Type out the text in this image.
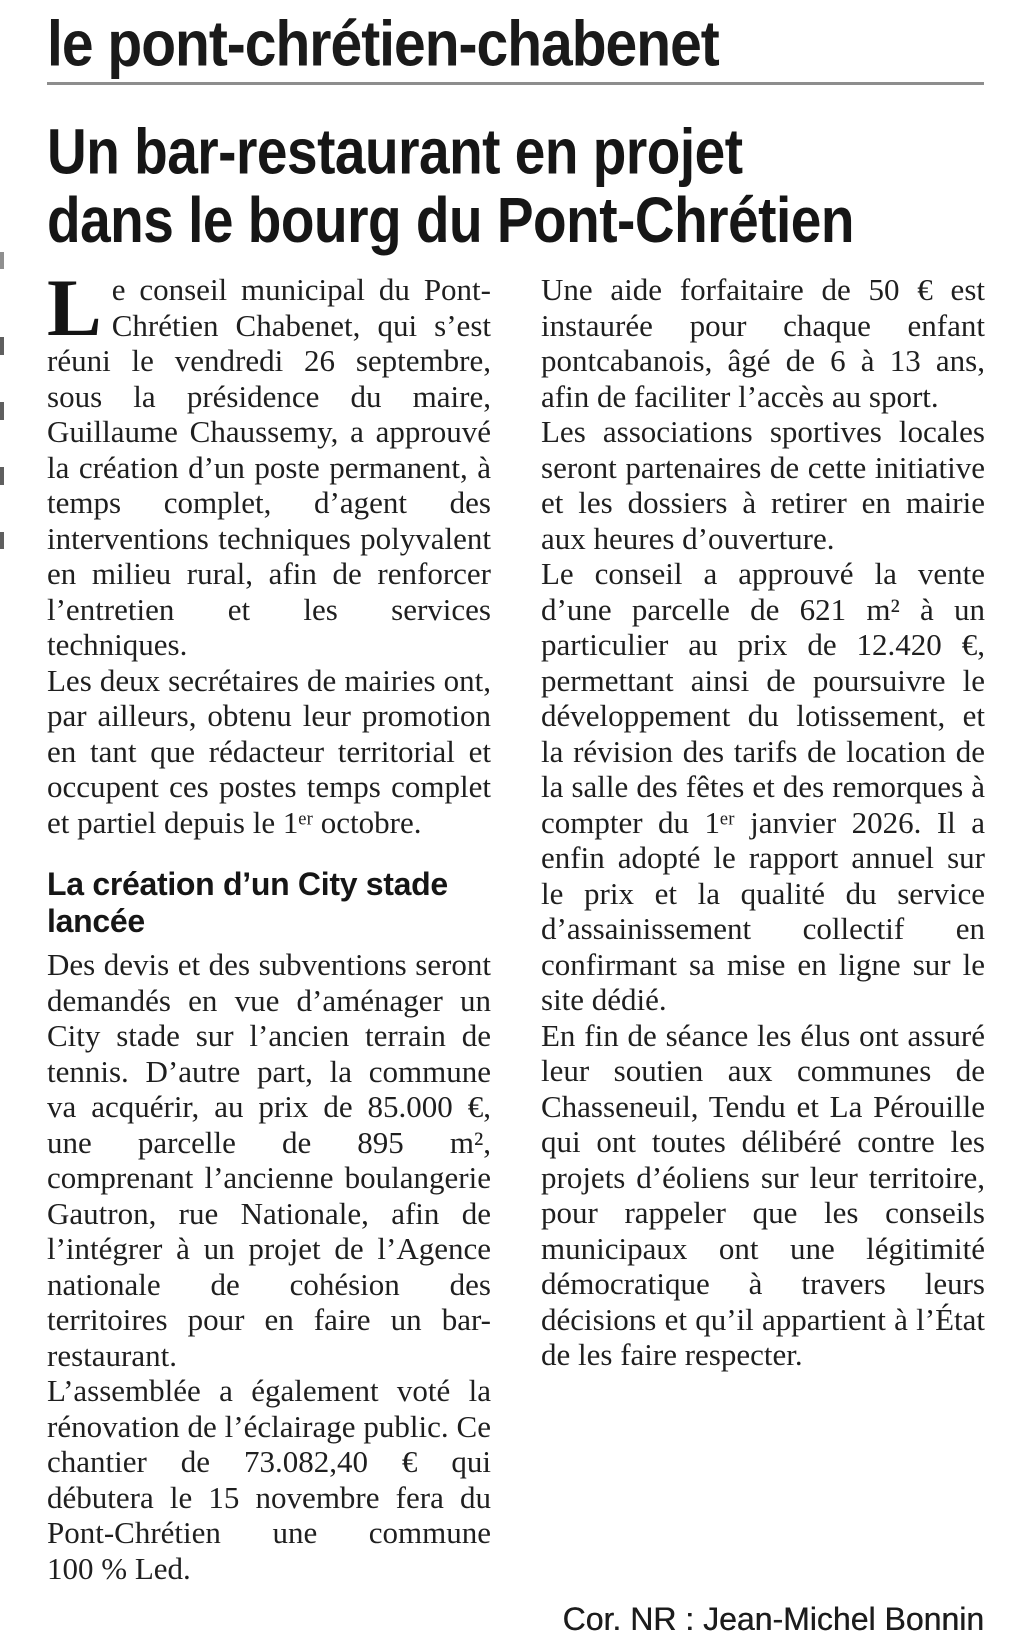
le pont-chrétien-chabenet
Un bar-restaurant en projet
dans le bourg du Pont-Chrétien

Le conseil municipal du Pont-Chrétien Chabenet, qui s’est réuni le vendredi 26 septembre, sous la présidence du maire, Guillaume Chaussemy, a approuvé la création d’un poste permanent, à temps complet, d’agent des interventions techniques polyvalent en milieu rural, afin de renforcer l’entretien et les services techniques.

Les deux secrétaires de mairies ont, par ailleurs, obtenu leur promotion en tant que rédacteur territorial et occupent ces postes temps complet et partiel depuis le 1ᵉʳ octobre.

La création d’un City stade lancée

Des devis et des subventions seront demandés en vue d’aménager un City stade sur l’ancien terrain de tennis. D’autre part, la commune va acquérir, au prix de 85.000 €, une parcelle de 895 m², comprenant l’ancienne boulangerie Gautron, rue Nationale, afin de l’intégrer à un projet de l’Agence nationale de cohésion des territoires pour en faire un bar-restaurant.

L’assemblée a également voté la rénovation de l’éclairage public. Ce chantier de 73.082,40 € qui débutera le 15 novembre fera du Pont-Chrétien une commune 100 % Led.

Une aide forfaitaire de 50 € est instaurée pour chaque enfant pontcabanois, âgé de 6 à 13 ans, afin de faciliter l’accès au sport.

Les associations sportives locales seront partenaires de cette initiative et les dossiers à retirer en mairie aux heures d’ouverture.

Le conseil a approuvé la vente d’une parcelle de 621 m² à un particulier au prix de 12.420 €, permettant ainsi de poursuivre le développement du lotissement, et la révision des tarifs de location de la salle des fêtes et des remorques à compter du 1ᵉʳ janvier 2026. Il a enfin adopté le rapport annuel sur le prix et la qualité du service d’assainissement collectif en confirmant sa mise en ligne sur le site dédié.

En fin de séance les élus ont assuré leur soutien aux communes de Chasseneuil, Tendu et La Pérouille qui ont toutes délibéré contre les projets d’éoliens sur leur territoire, pour rappeler que les conseils municipaux ont une légitimité démocratique à travers leurs décisions et qu’il appartient à l’État de les faire respecter.

Cor. NR : Jean-Michel Bonnin
